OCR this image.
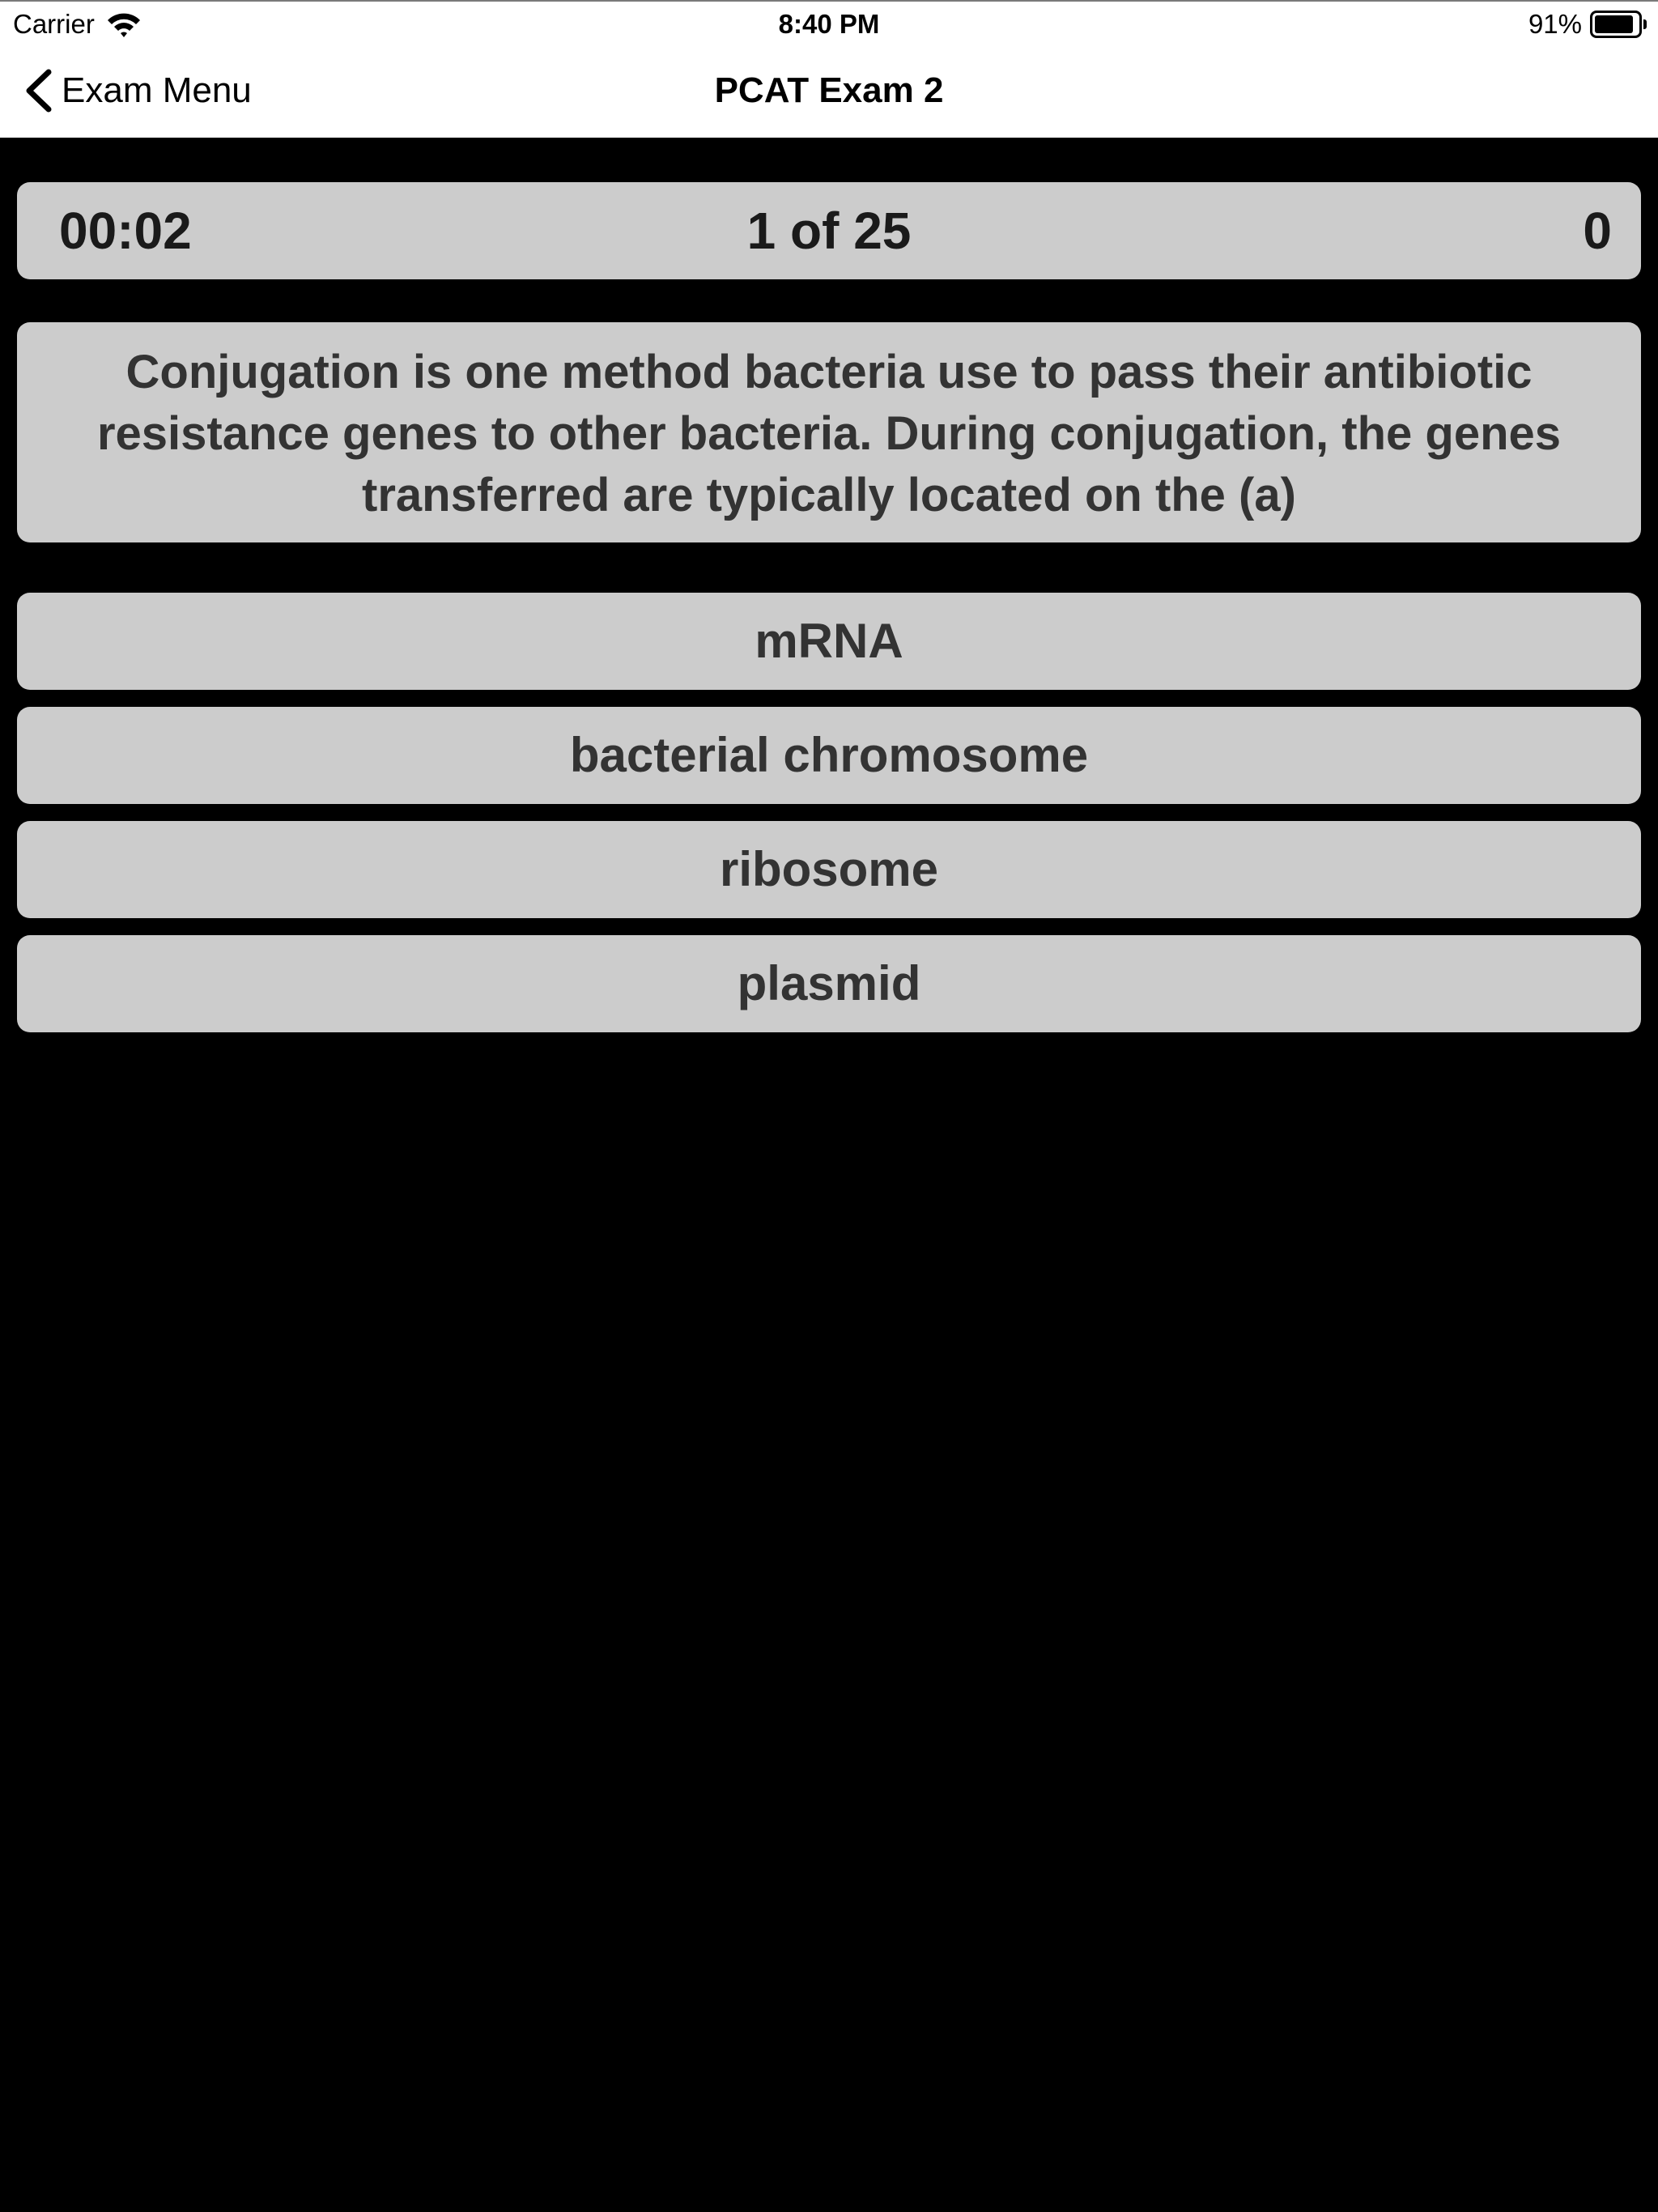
Carrier	8:40 PM	91%
Exam Menu	PCAT Exam 2
00:02	1 of 25	0
Conjugation is one method bacteria use to pass their antibiotic resistance genes to other bacteria. During conjugation, the genes transferred are typically located on the (a)
mRNA
bacterial chromosome
ribosome
plasmid
